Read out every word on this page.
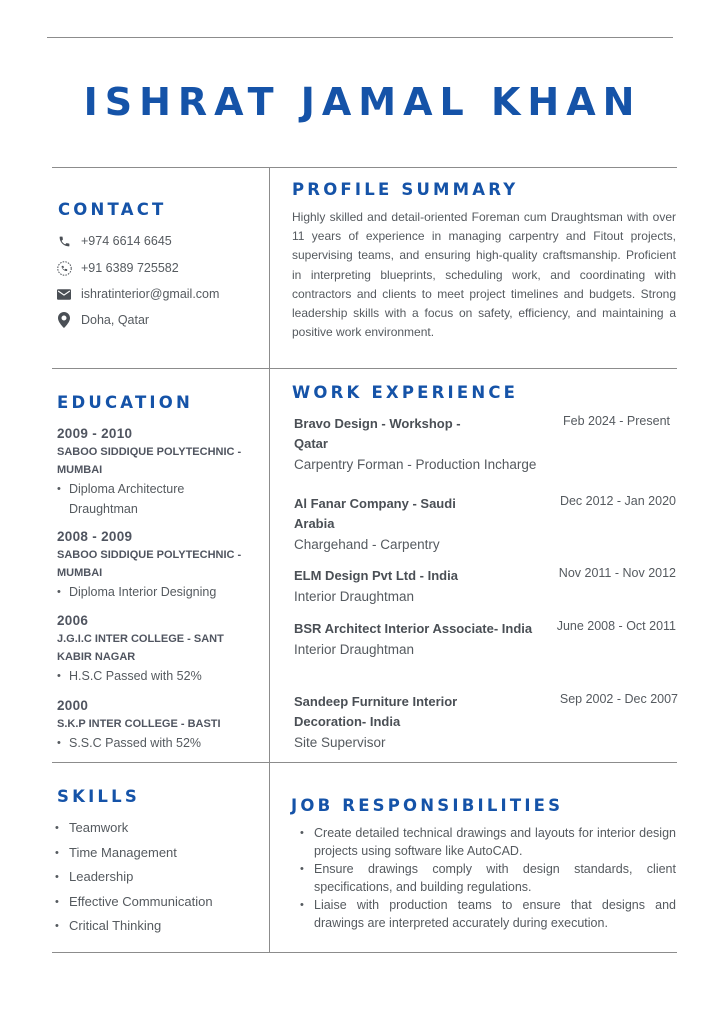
ISHRAT JAMAL KHAN
CONTACT
+974 6614 6645
+91 6389 725582
ishratinterior@gmail.com
Doha, Qatar
PROFILE SUMMARY
Highly skilled and detail-oriented Foreman cum Draughtsman with over 11 years of experience in managing carpentry and Fitout projects, supervising teams, and ensuring high-quality craftsmanship. Proficient in interpreting blueprints, scheduling work, and coordinating with contractors and clients to meet project timelines and budgets. Strong leadership skills with a focus on safety, efficiency, and maintaining a positive work environment.
EDUCATION
2009 - 2010
SABOO SIDDIQUE POLYTECHNIC - MUMBAI
• Diploma Architecture Draughtman
2008 - 2009
SABOO SIDDIQUE POLYTECHNIC - MUMBAI
• Diploma Interior Designing
2006
J.G.I.C INTER COLLEGE - SANT KABIR NAGAR
• H.S.C Passed with 52%
2000
S.K.P INTER COLLEGE - BASTI
• S.S.C Passed with 52%
WORK EXPERIENCE
Bravo Design - Workshop - Qatar
Feb 2024 - Present
Carpentry Forman - Production Incharge
Al Fanar Company - Saudi Arabia
Dec 2012 - Jan 2020
Chargehand - Carpentry
ELM Design Pvt Ltd - India	Nov 2011 - Nov 2012
Interior Draughtman
BSR Architect Interior Associate- India June 2008 - Oct 2011
Interior Draughtman
Sandeep Furniture Interior Decoration- India
Sep 2002 - Dec 2007
Site Supervisor
SKILLS
• Teamwork
• Time Management
• Leadership
• Effective Communication
• Critical Thinking
JOB RESPONSIBILITIES
• Create detailed technical drawings and layouts for interior design projects using software like AutoCAD.
• Ensure drawings comply with design standards, client specifications, and building regulations.
• Liaise with production teams to ensure that designs and drawings are interpreted accurately during execution.
